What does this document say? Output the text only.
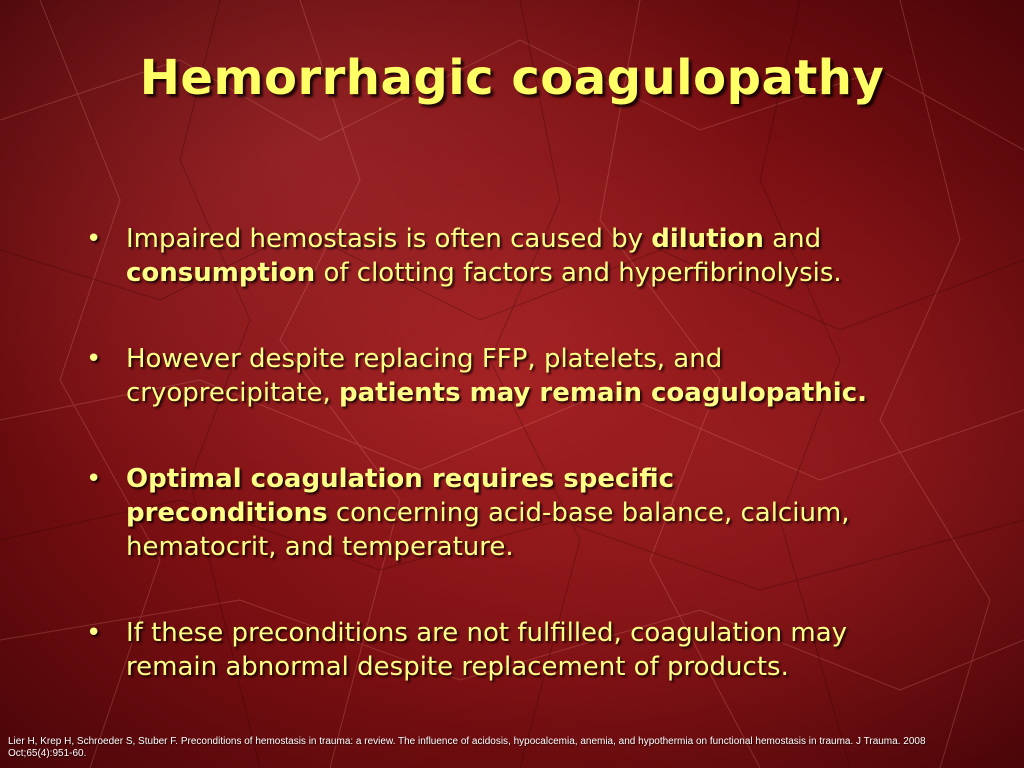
Hemorrhagic coagulopathy
• Impaired hemostasis is often caused by dilution and consumption of clotting factors and hyperfibrinolysis.
• However despite replacing FFP, platelets, and cryoprecipitate, patients may remain coagulopathic.
• Optimal coagulation requires specific preconditions concerning acid-base balance, calcium, hematocrit, and temperature.
• If these preconditions are not fulfilled, coagulation may remain abnormal despite replacement of products.
Lier H, Krep H, Schroeder S, Stuber F. Preconditions of hemostasis in trauma: a review. The influence of acidosis, hypocalcemia, anemia, and hypothermia on functional hemostasis in trauma. J Trauma. 2008 Oct;65(4):951-60.
